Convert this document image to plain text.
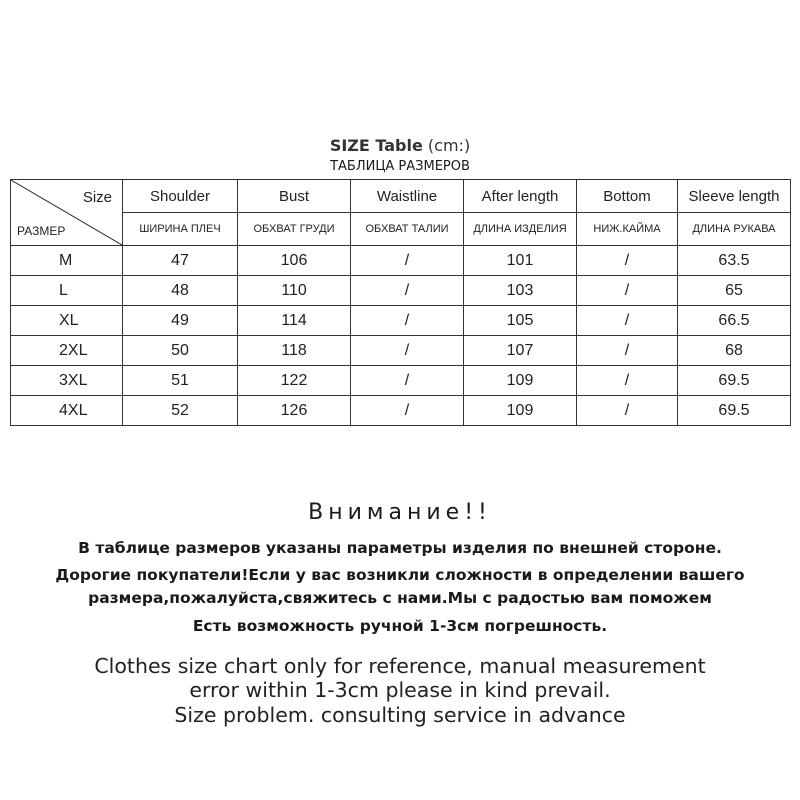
SIZE Table (cm:)
ТАБЛИЦА РАЗМЕРОВ
Size
РАЗМЕР	Shoulder	Bust	Waistline	After length	Bottom	Sleeve length
	ШИРИНА ПЛЕЧ	ОБХВАТ ГРУДИ	ОБХВАТ ТАЛИИ	ДЛИНА ИЗДЕЛИЯ	НИЖ.КАЙМА	ДЛИНА РУКАВА
M	47	106	/	101	/	63.5
L	48	110	/	103	/	65
XL	49	114	/	105	/	66.5
2XL	50	118	/	107	/	68
3XL	51	122	/	109	/	69.5
4XL	52	126	/	109	/	69.5
Внимание!!
В таблице размеров указаны параметры изделия по внешней стороне.
Дорогие покупатели!Если у вас возникли сложности в определении вашего
размера,пожалуйста,свяжитесь с нами.Мы с радостью вам поможем
Есть возможность ручной 1-3см погрешность.
Clothes size chart only for reference, manual measurement
error within 1-3cm please in kind prevail.
Size problem. consulting service in advance
